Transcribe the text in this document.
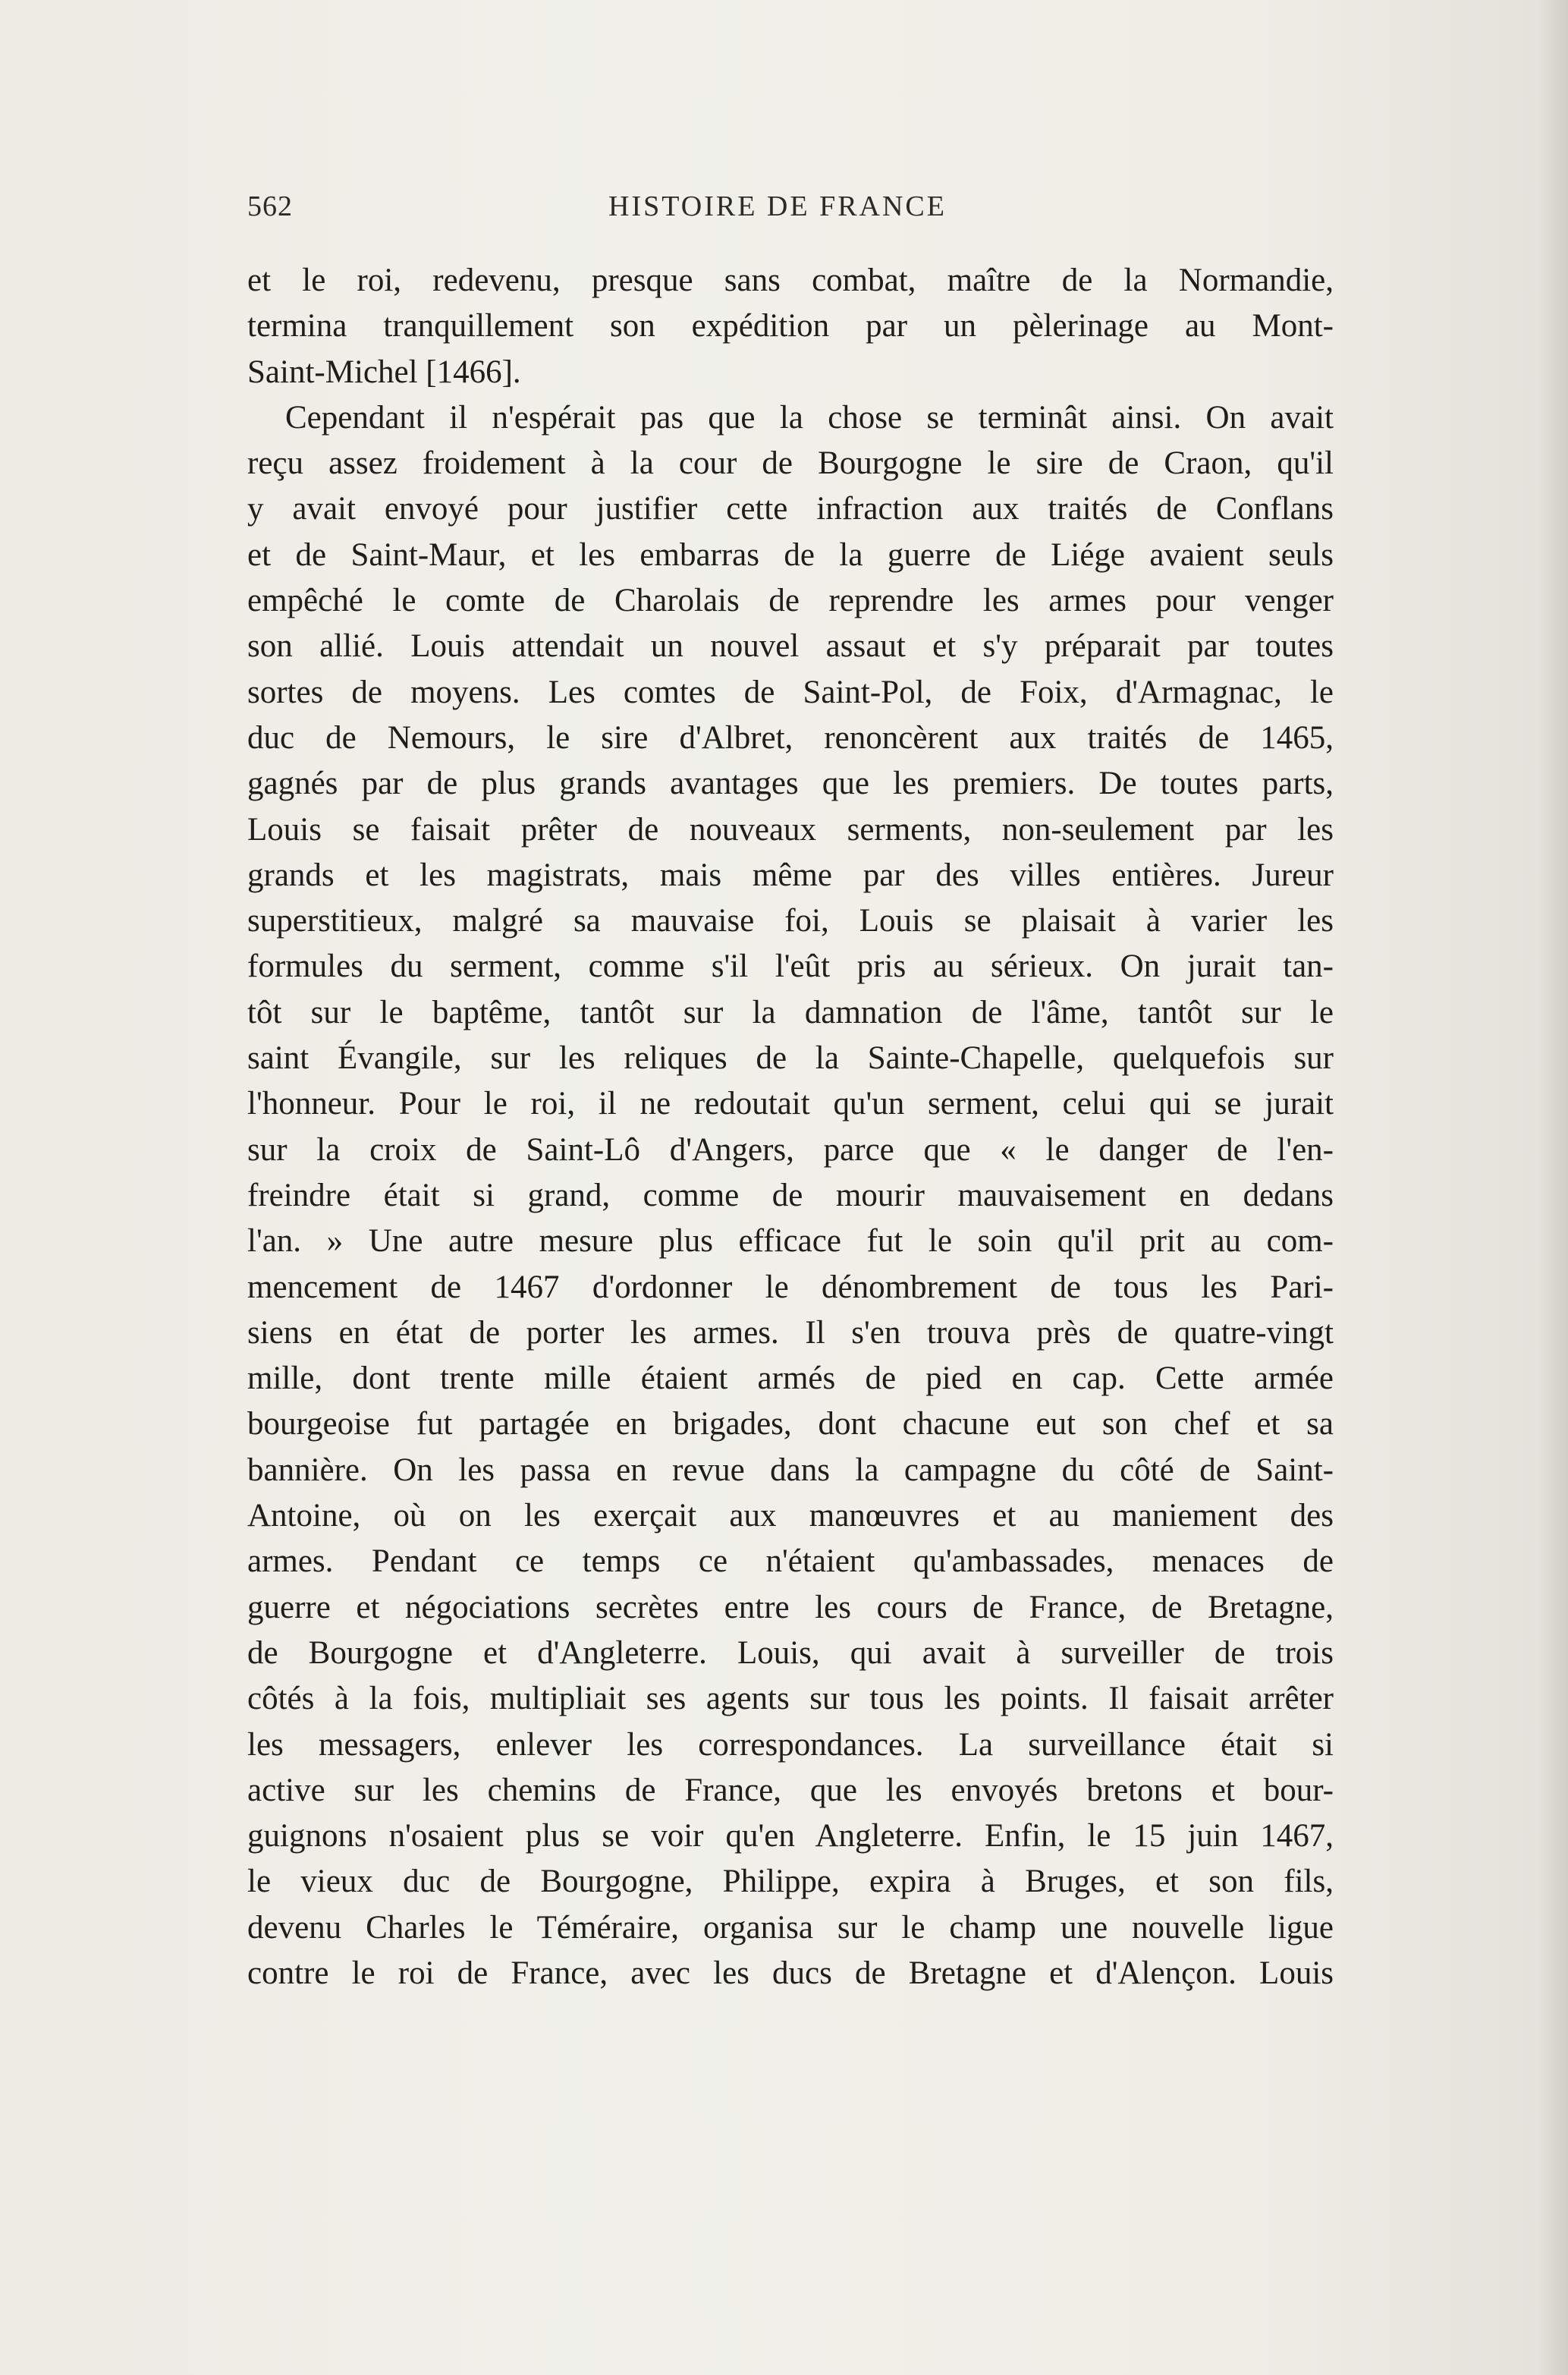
562	HISTOIRE DE FRANCE
et le roi, redevenu, presque sans combat, maître de la Normandie,
termina tranquillement son expédition par un pèlerinage au Mont-
Saint-Michel [1466].
Cependant il n'espérait pas que la chose se terminât ainsi. On avait
reçu assez froidement à la cour de Bourgogne le sire de Craon, qu'il
y avait envoyé pour justifier cette infraction aux traités de Conflans
et de Saint-Maur, et les embarras de la guerre de Liége avaient seuls
empêché le comte de Charolais de reprendre les armes pour venger
son allié. Louis attendait un nouvel assaut et s'y préparait par toutes
sortes de moyens. Les comtes de Saint-Pol, de Foix, d'Armagnac, le
duc de Nemours, le sire d'Albret, renoncèrent aux traités de 1465,
gagnés par de plus grands avantages que les premiers. De toutes parts,
Louis se faisait prêter de nouveaux serments, non-seulement par les
grands et les magistrats, mais même par des villes entières. Jureur
superstitieux, malgré sa mauvaise foi, Louis se plaisait à varier les
formules du serment, comme s'il l'eût pris au sérieux. On jurait tan-
tôt sur le baptême, tantôt sur la damnation de l'âme, tantôt sur le
saint Évangile, sur les reliques de la Sainte-Chapelle, quelquefois sur
l'honneur. Pour le roi, il ne redoutait qu'un serment, celui qui se jurait
sur la croix de Saint-Lô d'Angers, parce que « le danger de l'en-
freindre était si grand, comme de mourir mauvaisement en dedans
l'an. » Une autre mesure plus efficace fut le soin qu'il prit au com-
mencement de 1467 d'ordonner le dénombrement de tous les Pari-
siens en état de porter les armes. Il s'en trouva près de quatre-vingt
mille, dont trente mille étaient armés de pied en cap. Cette armée
bourgeoise fut partagée en brigades, dont chacune eut son chef et sa
bannière. On les passa en revue dans la campagne du côté de Saint-
Antoine, où on les exerçait aux manœuvres et au maniement des
armes. Pendant ce temps ce n'étaient qu'ambassades, menaces de
guerre et négociations secrètes entre les cours de France, de Bretagne,
de Bourgogne et d'Angleterre. Louis, qui avait à surveiller de trois
côtés à la fois, multipliait ses agents sur tous les points. Il faisait arrêter
les messagers, enlever les correspondances. La surveillance était si
active sur les chemins de France, que les envoyés bretons et bour-
guignons n'osaient plus se voir qu'en Angleterre. Enfin, le 15 juin 1467,
le vieux duc de Bourgogne, Philippe, expira à Bruges, et son fils,
devenu Charles le Téméraire, organisa sur le champ une nouvelle ligue
contre le roi de France, avec les ducs de Bretagne et d'Alençon. Louis
